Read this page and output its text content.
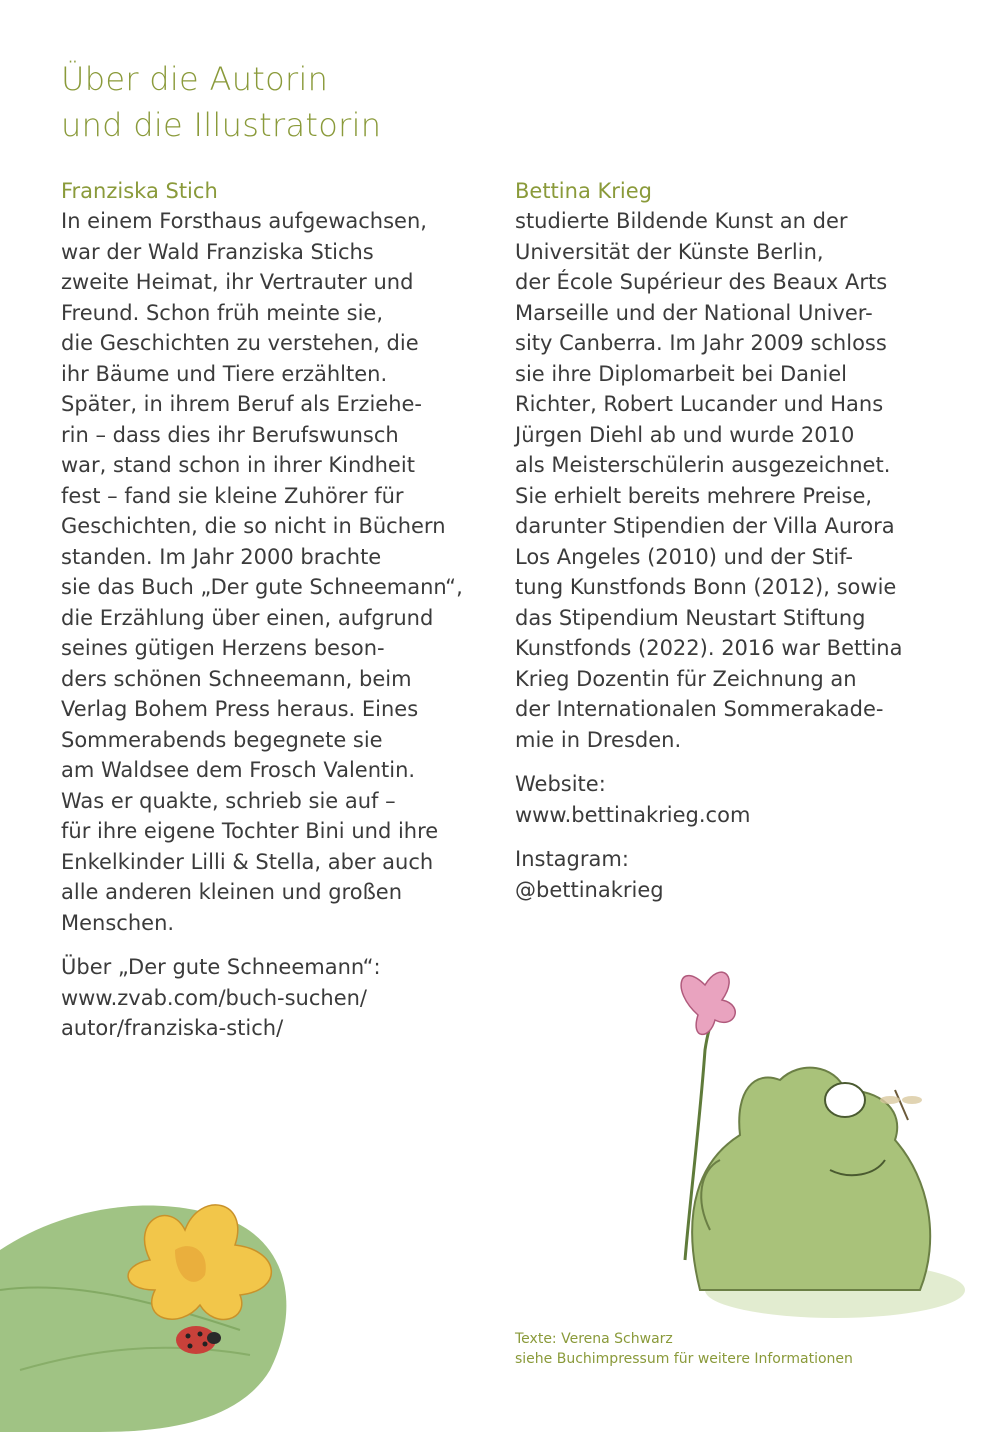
Über die Autorin
und die Illustratorin
Franziska Stich
In einem Forsthaus aufgewachsen,
war der Wald Franziska Stichs
zweite Heimat, ihr Vertrauter und
Freund. Schon früh meinte sie,
die Geschichten zu verstehen, die
ihr Bäume und Tiere erzählten.
Später, in ihrem Beruf als Erziehe-
rin – dass dies ihr Berufswunsch
war, stand schon in ihrer Kindheit
fest – fand sie kleine Zuhörer für
Geschichten, die so nicht in Büchern
standen. Im Jahr 2000 brachte
sie das Buch „Der gute Schneemann“,
die Erzählung über einen, aufgrund
seines gütigen Herzens beson-
ders schönen Schneemann, beim
Verlag Bohem Press heraus. Eines
Sommerabends begegnete sie
am Waldsee dem Frosch Valentin.
Was er quakte, schrieb sie auf –
für ihre eigene Tochter Bini und ihre
Enkelkinder Lilli & Stella, aber auch
alle anderen kleinen und großen
Menschen.
Über „Der gute Schneemann“:
www.zvab.com/buch-suchen/
autor/franziska-stich/
Bettina Krieg
studierte Bildende Kunst an der
Universität der Künste Berlin,
der École Supérieur des Beaux Arts
Marseille und der National Univer-
sity Canberra. Im Jahr 2009 schloss
sie ihre Diplomarbeit bei Daniel
Richter, Robert Lucander und Hans
Jürgen Diehl ab und wurde 2010
als Meisterschülerin ausgezeichnet.
Sie erhielt bereits mehrere Preise,
darunter Stipendien der Villa Aurora
Los Angeles (2010) und der Stif-
tung Kunstfonds Bonn (2012), sowie
das Stipendium Neustart Stiftung
Kunstfonds (2022). 2016 war Bettina
Krieg Dozentin für Zeichnung an
der Internationalen Sommerakade-
mie in Dresden.
Website:
www.bettinakrieg.com
Instagram:
@bettinakrieg
Texte: Verena Schwarz
siehe Buchimpressum für weitere Informationen
